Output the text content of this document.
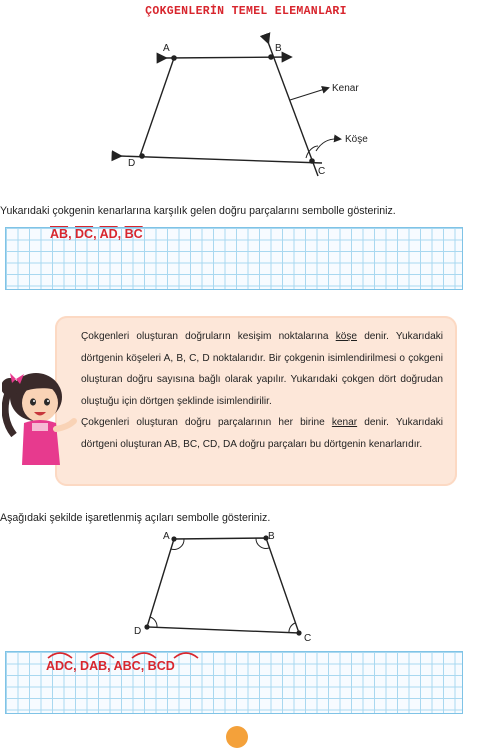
ÇOKGENLERİN TEMEL ELEMANLARI
A	B
C
D
Kenar
Köşe
Yukarıdaki çokgenin kenarlarına karşılık gelen doğru parçalarını sembolle gösteriniz.
$\overline{AB}$, $\overline{DC}$, $\overline{AD}$, $\overline{BC}$

Çokgenleri oluşturan doğruların kesişim noktalarına köşe denir. Yukarıdaki dörtgenin köşeleri A, B, C, D noktalarıdır. Bir çokgenin isimlendirilmesi o çokgeni oluşturan doğru sayısına bağlı olarak yapılır. Yukarıdaki çokgen dört doğrudan oluştuğu için dörtgen şeklinde isimlendirilir.

Çokgenleri oluşturan doğru parçalarının her birine kenar denir. Yukarıdaki dörtgeni oluşturan AB, BC, CD, DA doğru parçaları bu dörtgenin kenarlarıdır.

Aşağıdaki şekilde işaretlenmiş açıları sembolle gösteriniz.
A	B
C
D
ADC, DAB, ABC, BCD
